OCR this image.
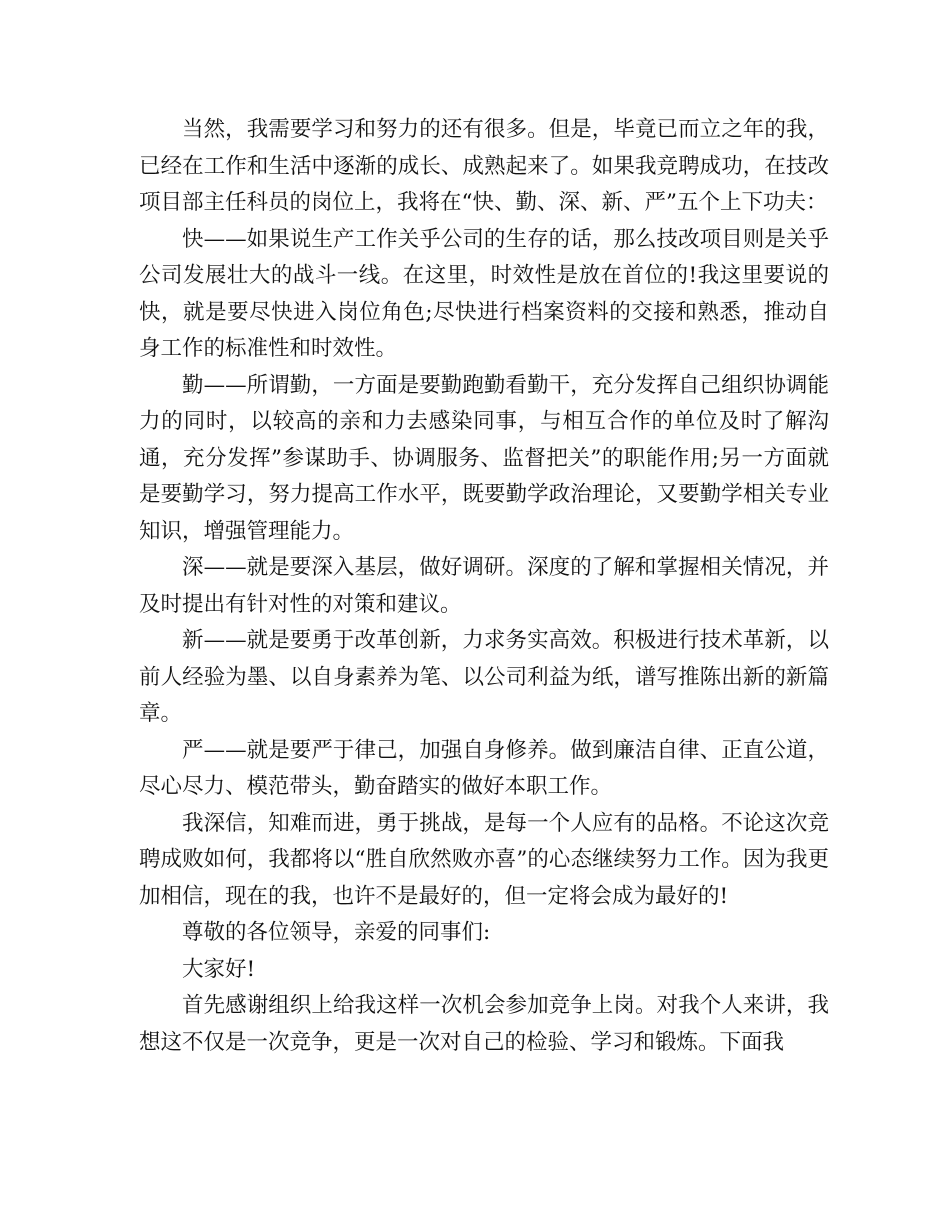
当然，我需要学习和努力的还有很多。但是，毕竟已而立之年的我，已经在工作和生活中逐渐的成长、成熟起来了。如果我竞聘成功，在技改项目部主任科员的岗位上，我将在“快、勤、深、新、严”五个上下功夫：

快——如果说生产工作关乎公司的生存的话，那么技改项目则是关乎公司发展壮大的战斗一线。在这里，时效性是放在首位的!我这里要说的快，就是要尽快进入岗位角色;尽快进行档案资料的交接和熟悉，推动自身工作的标准性和时效性。

勤——所谓勤，一方面是要勤跑勤看勤干，充分发挥自己组织协调能力的同时，以较高的亲和力去感染同事，与相互合作的单位及时了解沟通，充分发挥”参谋助手、协调服务、监督把关”的职能作用;另一方面就是要勤学习，努力提高工作水平，既要勤学政治理论，又要勤学相关专业知识，增强管理能力。

深——就是要深入基层，做好调研。深度的了解和掌握相关情况，并及时提出有针对性的对策和建议。

新——就是要勇于改革创新，力求务实高效。积极进行技术革新，以前人经验为墨、以自身素养为笔、以公司利益为纸，谱写推陈出新的新篇章。

严——就是要严于律己，加强自身修养。做到廉洁自律、正直公道，尽心尽力、模范带头，勤奋踏实的做好本职工作。

我深信，知难而进，勇于挑战，是每一个人应有的品格。不论这次竞聘成败如何，我都将以“胜自欣然败亦喜”的心态继续努力工作。因为我更加相信，现在的我，也许不是最好的，但一定将会成为最好的!

尊敬的各位领导，亲爱的同事们:

大家好!

首先感谢组织上给我这样一次机会参加竞争上岗。对我个人来讲，我想这不仅是一次竞争，更是一次对自己的检验、学习和锻炼。下面我
